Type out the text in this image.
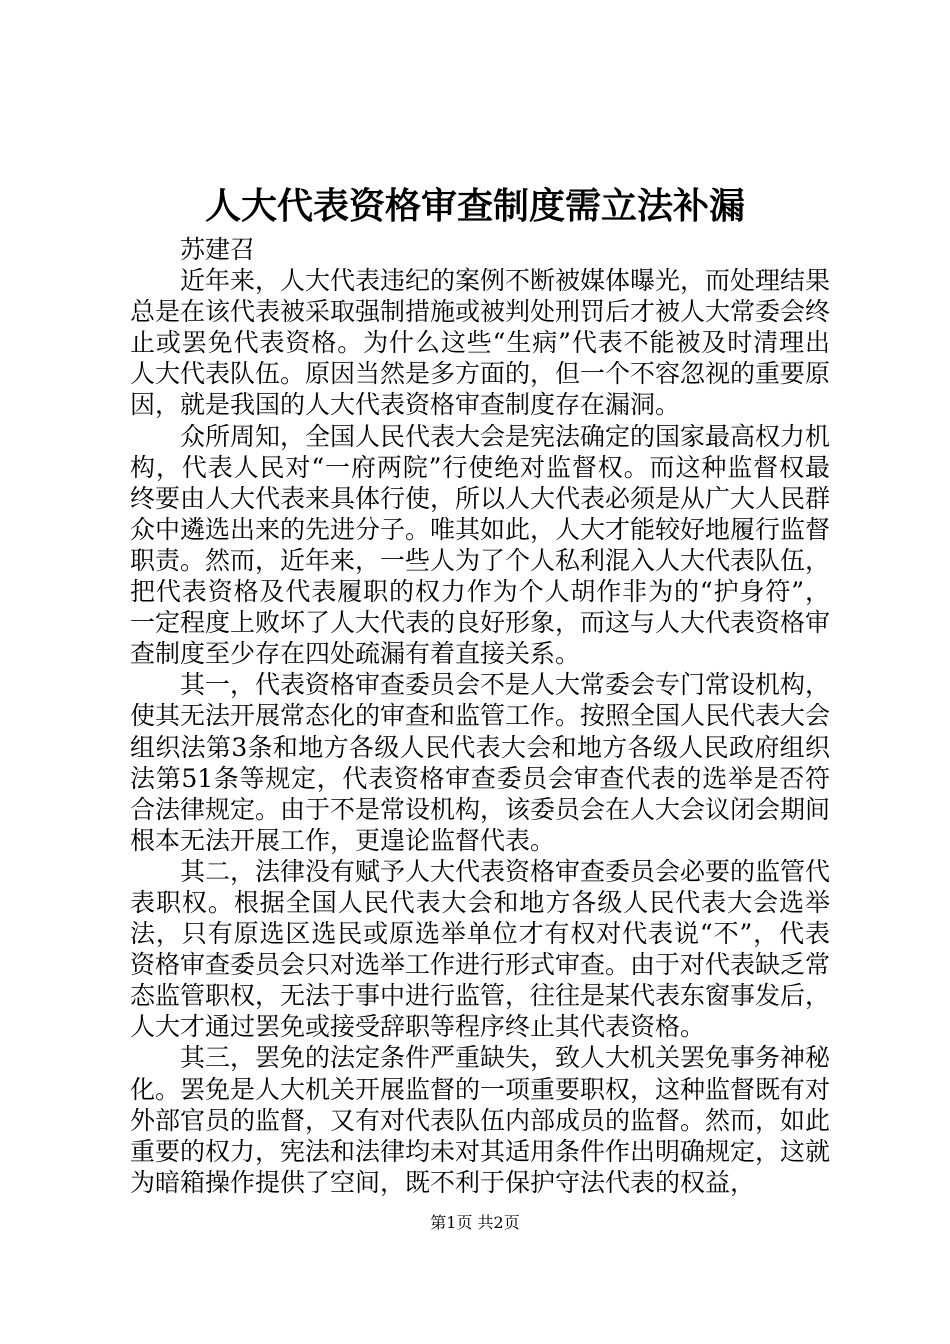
人大代表资格审查制度需立法补漏

苏建召

近年来，人大代表违纪的案例不断被媒体曝光，而处理结果总是在该代表被采取强制措施或被判处刑罚后才被人大常委会终止或罢免代表资格。为什么这些“生病”代表不能被及时清理出人大代表队伍。原因当然是多方面的，但一个不容忽视的重要原因，就是我国的人大代表资格审查制度存在漏洞。

众所周知，全国人民代表大会是宪法确定的国家最高权力机构，代表人民对“一府两院”行使绝对监督权。而这种监督权最终要由人大代表来具体行使，所以人大代表必须是从广大人民群众中遴选出来的先进分子。唯其如此，人大才能较好地履行监督职责。然而，近年来，一些人为了个人私利混入人大代表队伍，把代表资格及代表履职的权力作为个人胡作非为的“护身符”，一定程度上败坏了人大代表的良好形象，而这与人大代表资格审查制度至少存在四处疏漏有着直接关系。

其一，代表资格审查委员会不是人大常委会专门常设机构，使其无法开展常态化的审查和监管工作。按照全国人民代表大会组织法第3条和地方各级人民代表大会和地方各级人民政府组织法第51条等规定，代表资格审查委员会审查代表的选举是否符合法律规定。由于不是常设机构，该委员会在人大会议闭会期间根本无法开展工作，更遑论监督代表。

其二，法律没有赋予人大代表资格审查委员会必要的监管代表职权。根据全国人民代表大会和地方各级人民代表大会选举法，只有原选区选民或原选举单位才有权对代表说“不”，代表资格审查委员会只对选举工作进行形式审查。由于对代表缺乏常态监管职权，无法于事中进行监管，往往是某代表东窗事发后，人大才通过罢免或接受辞职等程序终止其代表资格。

其三，罢免的法定条件严重缺失，致人大机关罢免事务神秘化。罢免是人大机关开展监督的一项重要职权，这种监督既有对外部官员的监督，又有对代表队伍内部成员的监督。然而，如此重要的权力，宪法和法律均未对其适用条件作出明确规定，这就为暗箱操作提供了空间，既不利于保护守法代表的权益，

第1页 共2页
